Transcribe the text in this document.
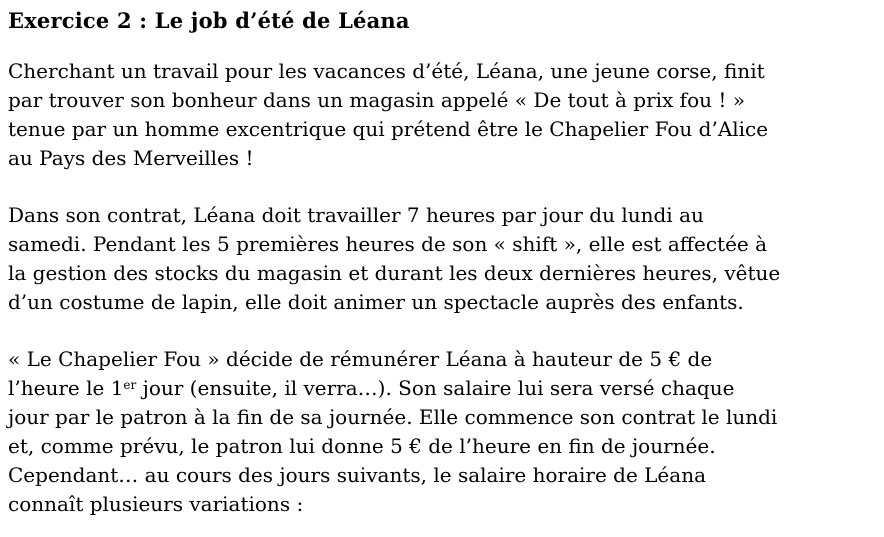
Exercice 2 : Le job d’été de Léana

Cherchant un travail pour les vacances d’été, Léana, une jeune corse, finit
par trouver son bonheur dans un magasin appelé « De tout à prix fou ! »
tenue par un homme excentrique qui prétend être le Chapelier Fou d’Alice
au Pays des Merveilles !

Dans son contrat, Léana doit travailler 7 heures par jour du lundi au
samedi. Pendant les 5 premières heures de son « shift », elle est affectée à
la gestion des stocks du magasin et durant les deux dernières heures, vêtue
d’un costume de lapin, elle doit animer un spectacle auprès des enfants.

« Le Chapelier Fou » décide de rémunérer Léana à hauteur de 5 € de
l’heure le 1er jour (ensuite, il verra…). Son salaire lui sera versé chaque
jour par le patron à la fin de sa journée. Elle commence son contrat le lundi
et, comme prévu, le patron lui donne 5 € de l’heure en fin de journée.
Cependant… au cours des jours suivants, le salaire horaire de Léana
connaît plusieurs variations :
